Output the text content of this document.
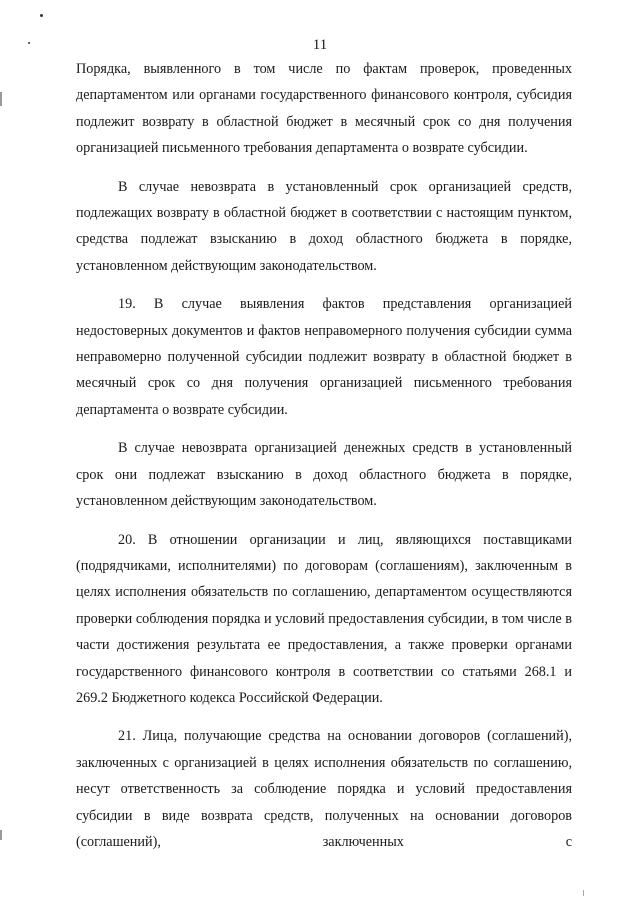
11

Порядка, выявленного в том числе по фактам проверок, проведенных департаментом или органами государственного финансового контроля, субсидия подлежит возврату в областной бюджет в месячный срок со дня получения организацией письменного требования департамента о возврате субсидии.

В случае невозврата в установленный срок организацией средств, подлежащих возврату в областной бюджет в соответствии с настоящим пунктом, средства подлежат взысканию в доход областного бюджета в порядке, установленном действующим законодательством.

19. В случае выявления фактов представления организацией недостоверных документов и фактов неправомерного получения субсидии сумма неправомерно полученной субсидии подлежит возврату в областной бюджет в месячный срок со дня получения организацией письменного требования департамента о возврате субсидии.

В случае невозврата организацией денежных средств в установленный срок они подлежат взысканию в доход областного бюджета в порядке, установленном действующим законодательством.

20. В отношении организации и лиц, являющихся поставщиками (подрядчиками, исполнителями) по договорам (соглашениям), заключенным в целях исполнения обязательств по соглашению, департаментом осуществляются проверки соблюдения порядка и условий предоставления субсидии, в том числе в части достижения результата ее предоставления, а также проверки органами государственного финансового контроля в соответствии со статьями 268.1 и 269.2 Бюджетного кодекса Российской Федерации.

21. Лица, получающие средства на основании договоров (соглашений), заключенных с организацией в целях исполнения обязательств по соглашению, несут ответственность за соблюдение порядка и условий предоставления субсидии в виде возврата средств, полученных на основании договоров (соглашений), заключенных с
